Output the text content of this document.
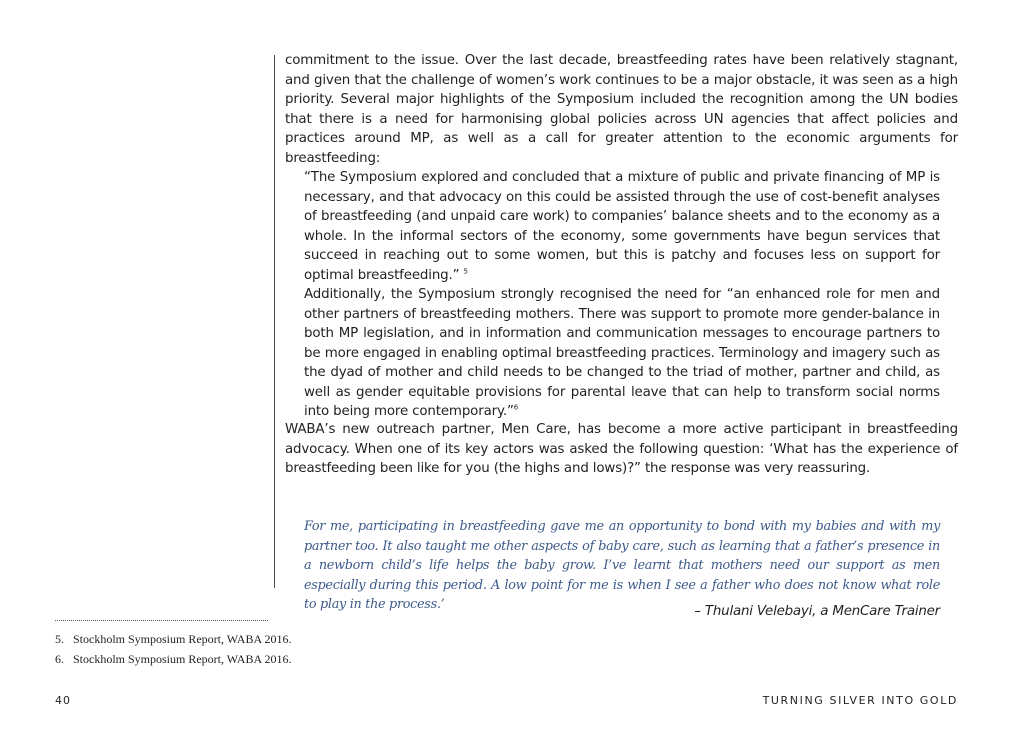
commitment to the issue. Over the last decade, breastfeeding rates have been relatively stagnant, and given that the challenge of women’s work continues to be a major obstacle, it was seen as a high priority. Several major highlights of the Symposium included the recognition among the UN bodies that there is a need for harmonising global policies across UN agencies that affect policies and practices around MP, as well as a call for greater attention to the economic arguments for breastfeeding:

“The Symposium explored and concluded that a mixture of public and private financing of MP is necessary, and that advocacy on this could be assisted through the use of cost-benefit analyses of breastfeeding (and unpaid care work) to companies’ balance sheets and to the economy as a whole. In the informal sectors of the economy, some governments have begun services that succeed in reaching out to some women, but this is patchy and focuses less on support for optimal breastfeeding.” $^5$

Additionally, the Symposium strongly recognised the need for “an enhanced role for men and other partners of breastfeeding mothers. There was support to promote more gender-balance in both MP legislation, and in information and communication messages to encourage partners to be more engaged in enabling optimal breastfeeding practices. Terminology and imagery such as the dyad of mother and child needs to be changed to the triad of mother, partner and child, as well as gender equitable provisions for parental leave that can help to transform social norms into being more contemporary.”$^6$

WABA’s new outreach partner, Men Care, has become a more active participant in breastfeeding advocacy. When one of its key actors was asked the following question: ‘What has the experience of breastfeeding been like for you (the highs and lows)?” the response was very reassuring.

For me, participating in breastfeeding gave me an opportunity to bond with my babies and with my partner too. It also taught me other aspects of baby care, such as learning that a father’s presence in a newborn child’s life helps the baby grow. I’ve learnt that mothers need our support as men especially during this period. A low point for me is when I see a father who does not know what role to play in the process.’	– Thulani Velebayi, a MenCare Trainer
5. Stockholm Symposium Report, WABA 2016.
6. Stockholm Symposium Report, WABA 2016.
40	TURNING SILVER INTO GOLD
